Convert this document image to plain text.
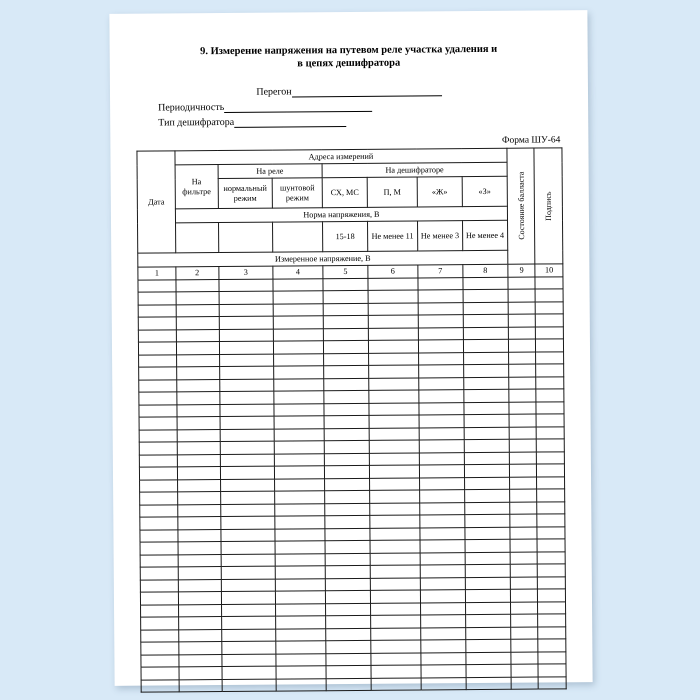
9. Измерение напряжения на путевом реле участка удаления и
в цепях дешифратора
Перегон
Периодичность
Тип дешифратора
Форма ШУ-64
Дата	Адреса измерений							Состояние балласта	Подпись

	На фильтре	На реле		На дешифраторе					
		нормальный режим	шунтовой режим	СХ, МС	П, М	«Ж»	«З»		
	Норма напряжения, В								
				15-18	Не менее 11	Не менее 3	Не менее 4		
Измеренное напряжение, В									
1	2	3	4	5	6	7	8	9	10
